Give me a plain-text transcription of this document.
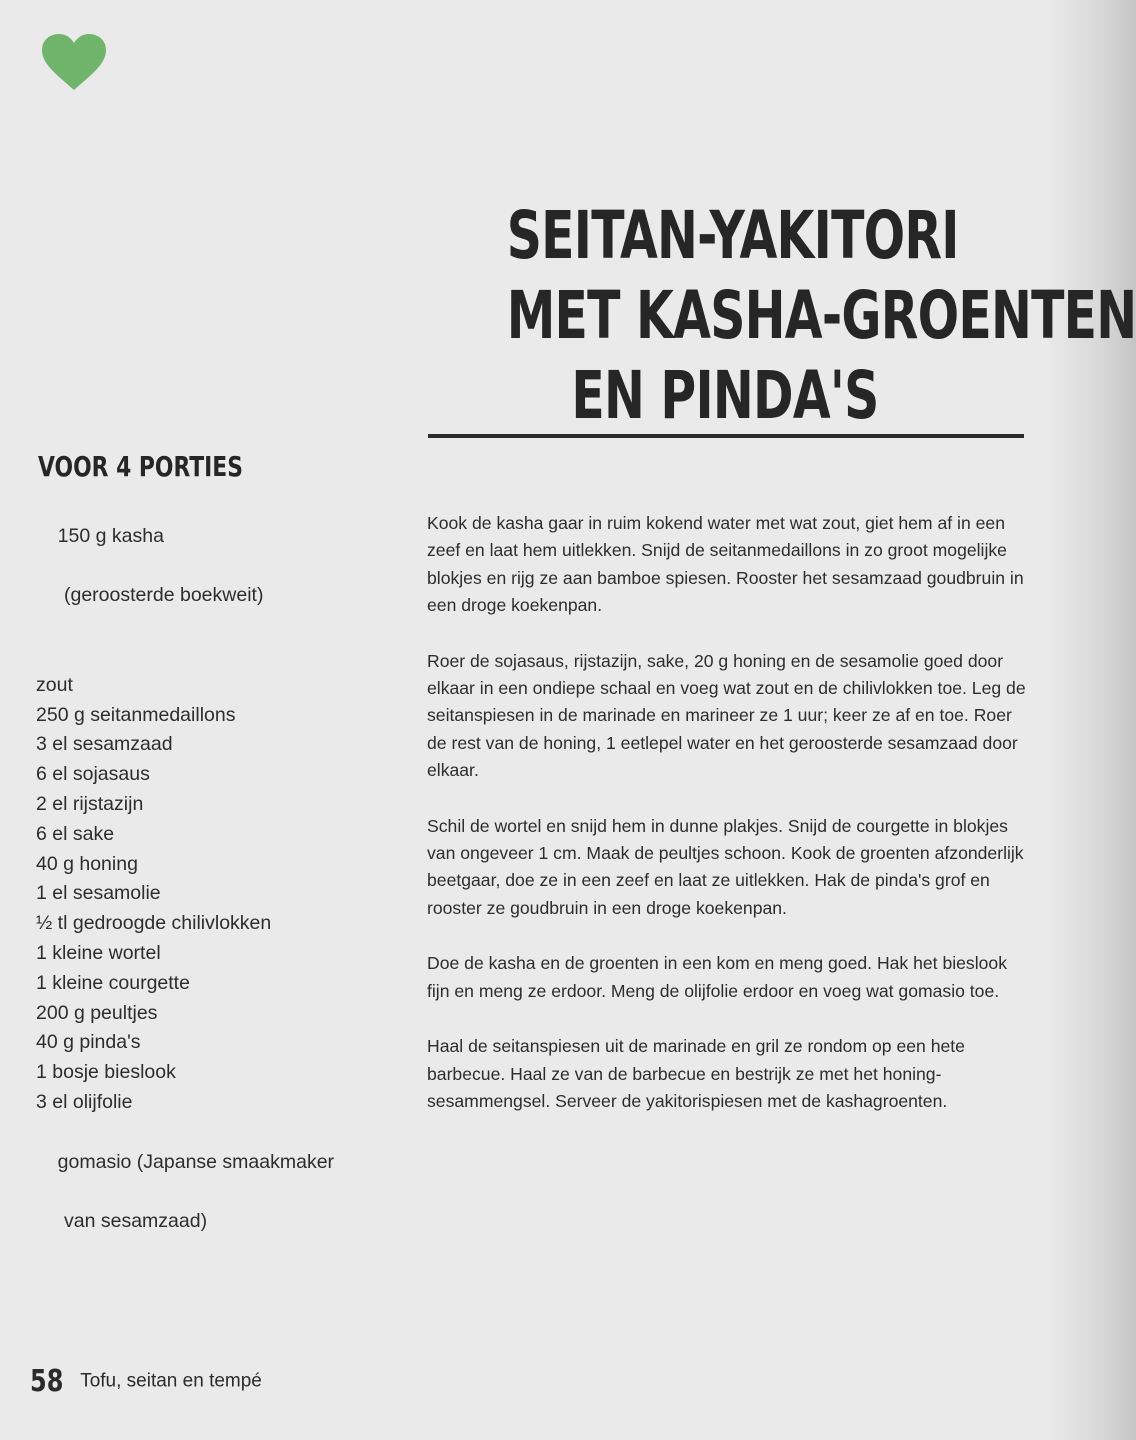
SEITAN-YAKITORI
MET KASHA-GROENTEN
EN PINDA'S
VOOR 4 PORTIES

150 g kasha

(geroosterde boekweit)

zout
250 g seitanmedaillons
3 el sesamzaad
6 el sojasaus
2 el rijstazijn
6 el sake
40 g honing
1 el sesamolie
½ tl gedroogde chilivlokken
1 kleine wortel
1 kleine courgette
200 g peultjes
40 g pinda's
1 bosje bieslook
3 el olijfolie

gomasio (Japanse smaakmaker

van sesamzaad)

Kook de kasha gaar in ruim kokend water met wat zout, giet hem af in een zeef en laat hem uitlekken. Snijd de seitanmedaillons in zo groot mogelijke blokjes en rijg ze aan bamboe spiesen. Rooster het sesamzaad goudbruin in een droge koekenpan.

Roer de sojasaus, rijstazijn, sake, 20 g honing en de sesamolie goed door elkaar in een ondiepe schaal en voeg wat zout en de chilivlokken toe. Leg de seitanspiesen in de marinade en marineer ze 1 uur; keer ze af en toe. Roer de rest van de honing, 1 eetlepel water en het geroosterde sesamzaad door elkaar.

Schil de wortel en snijd hem in dunne plakjes. Snijd de courgette in blokjes van ongeveer 1 cm. Maak de peultjes schoon. Kook de groenten afzonderlijk beetgaar, doe ze in een zeef en laat ze uitlekken. Hak de pinda's grof en rooster ze goudbruin in een droge koekenpan.

Doe de kasha en de groenten in een kom en meng goed. Hak het bieslook fijn en meng ze erdoor. Meng de olijfolie erdoor en voeg wat gomasio toe.

Haal de seitanspiesen uit de marinade en gril ze rondom op een hete barbecue. Haal ze van de barbecue en bestrijk ze met het honing-sesammengsel. Serveer de yakitorispiesen met de kashagroenten.

58 Tofu, seitan en tempé
